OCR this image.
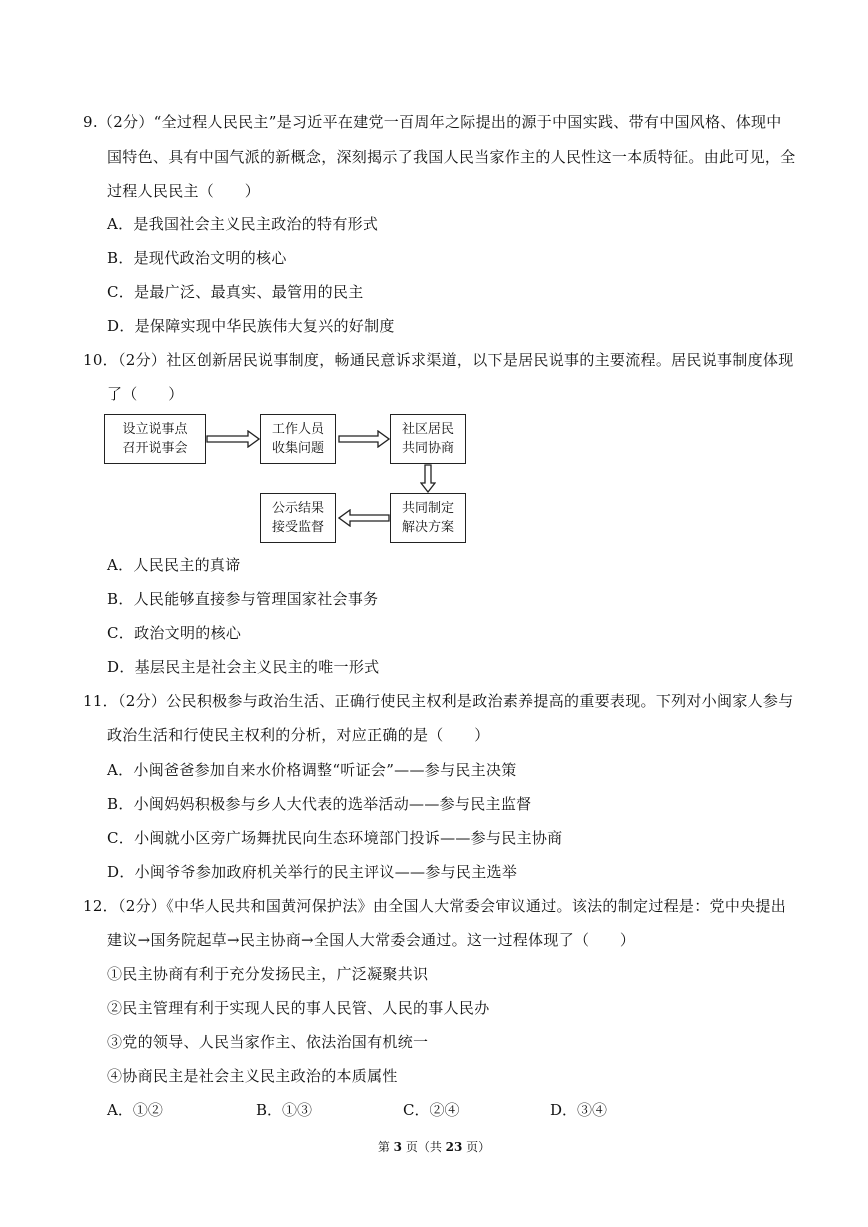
9.（2分）“全过程人民民主”是习近平在建党一百周年之际提出的源于中国实践、带有中国风格、体现中
国特色、具有中国气派的新概念，深刻揭示了我国人民当家作主的人民性这一本质特征。由此可见，全
过程人民民主（　　）
A．是我国社会主义民主政治的特有形式
B．是现代政治文明的核心
C．是最广泛、最真实、最管用的民主
D．是保障实现中华民族伟大复兴的好制度
10．（2分）社区创新居民说事制度，畅通民意诉求渠道，以下是居民说事的主要流程。居民说事制度体现
了（　　）
设立说事点
召开说事会
工作人员
收集问题
社区居民
共同协商
共同制定
解决方案
公示结果
接受监督
A．人民民主的真谛
B．人民能够直接参与管理国家社会事务
C．政治文明的核心
D．基层民主是社会主义民主的唯一形式
11．（2分）公民积极参与政治生活、正确行使民主权利是政治素养提高的重要表现。下列对小闽家人参与
政治生活和行使民主权利的分析，对应正确的是（　　）
A．小闽爸爸参加自来水价格调整“听证会”——参与民主决策
B．小闽妈妈积极参与乡人大代表的选举活动——参与民主监督
C．小闽就小区旁广场舞扰民向生态环境部门投诉——参与民主协商
D．小闽爷爷参加政府机关举行的民主评议——参与民主选举
12．（2分）《中华人民共和国黄河保护法》由全国人大常委会审议通过。该法的制定过程是：党中央提出
建议→国务院起草→民主协商→全国人大常委会通过。这一过程体现了（　　）
①民主协商有利于充分发扬民主，广泛凝聚共识
②民主管理有利于实现人民的事人民管、人民的事人民办
③党的领导、人民当家作主、依法治国有机统一
④协商民主是社会主义民主政治的本质属性
A．①②	B．①③	C．②④	D．③④
第 3 页（共 23 页）
